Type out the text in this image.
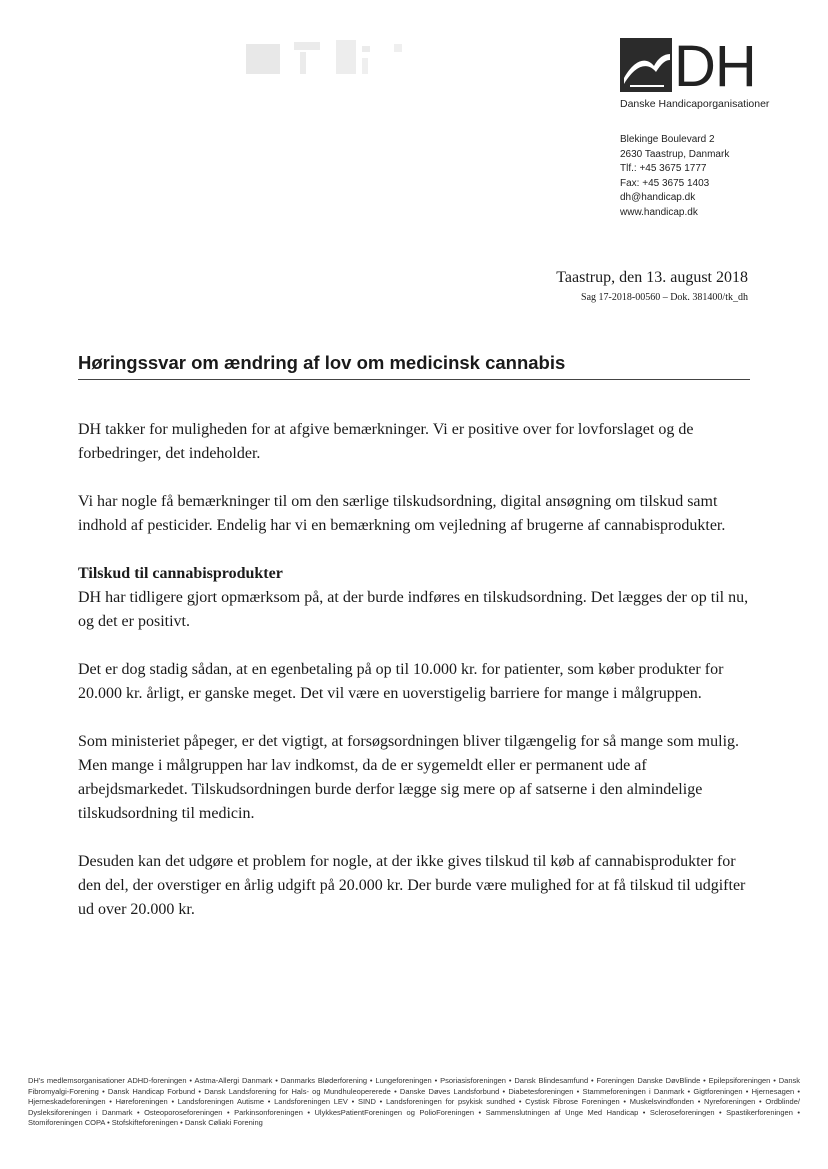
DH
Danske Handicaporganisationer
Blekinge Boulevard 2
2630 Taastrup, Danmark
Tlf.: +45 3675 1777
Fax: +45 3675 1403
dh@handicap.dk
www.handicap.dk
Taastrup, den 13. august 2018
Sag 17-2018-00560 – Dok. 381400/tk_dh
Høringssvar om ændring af lov om medicinsk cannabis

DH takker for muligheden for at afgive bemærkninger. Vi er positive over for lovforslaget og de forbedringer, det indeholder.

Vi har nogle få bemærkninger til om den særlige tilskudsordning, digital ansøgning om tilskud samt indhold af pesticider. Endelig har vi en bemærkning om vejledning af brugerne af cannabisprodukter.

Tilskud til cannabisprodukter

DH har tidligere gjort opmærksom på, at der burde indføres en tilskudsordning. Det lægges der op til nu, og det er positivt.

Det er dog stadig sådan, at en egenbetaling på op til 10.000 kr. for patienter, som køber produkter for 20.000 kr. årligt, er ganske meget. Det vil være en uoverstigelig barriere for mange i målgruppen.

Som ministeriet påpeger, er det vigtigt, at forsøgsordningen bliver tilgængelig for så mange som mulig. Men mange i målgruppen har lav indkomst, da de er sygemeldt eller er permanent ude af arbejdsmarkedet. Tilskudsordningen burde derfor lægge sig mere op af satserne i den almindelige tilskudsordning til medicin.

Desuden kan det udgøre et problem for nogle, at der ikke gives tilskud til køb af cannabisprodukter for den del, der overstiger en årlig udgift på 20.000 kr. Der burde være mulighed for at få tilskud til udgifter ud over 20.000 kr.

DH's medlemsorganisationer ADHD-foreningen • Astma-Allergi Danmark • Danmarks Bløderforening • Lungeforeningen • Psoriasisforeningen • Dansk Blindesamfund • Foreningen Danske DøvBlinde • Epilepsiforeningen • Dansk Fibromyalgi-Forening • Dansk Handicap Forbund • Dansk Landsforening for Hals- og Mundhuleopererede • Danske Døves Landsforbund • Diabetesforeningen • Stammeforeningen i Danmark • Gigtforeningen • Hjernesagen • Hjerneskadeforeningen • Høreforeningen • Landsforeningen Autisme • Landsforeningen LEV • SIND • Landsforeningen for psykisk sundhed • Cystisk Fibrose Foreningen • Muskelsvindfonden • Nyreforeningen • Ordblinde/ Dysleksiforeningen i Danmark • Osteoporoseforeningen • Parkinsonforeningen • UlykkesPatientForeningen og PolioForeningen • Sammenslutningen af Unge Med Handicap • Scleroseforeningen • Spastikerforeningen • Stomiforeningen COPA • Stofskifteforeningen • Dansk Cøliaki Forening
